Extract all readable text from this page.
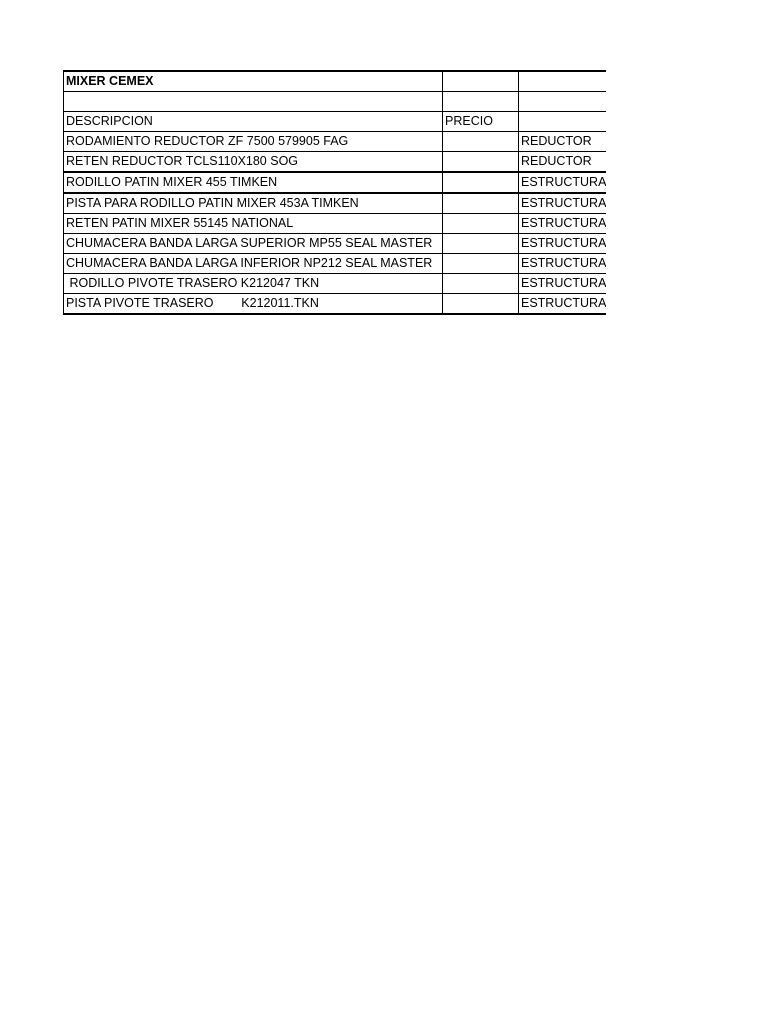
MIXER CEMEX		

DESCRIPCION	PRECIO	
RODAMIENTO REDUCTOR ZF 7500 579905 FAG		REDUCTOR
RETEN REDUCTOR TCLS110X180 SOG		REDUCTOR
RODILLO PATIN MIXER 455 TIMKEN		ESTRUCTURA
PISTA PARA RODILLO PATIN MIXER 453A TIMKEN		ESTRUCTURA
RETEN PATIN MIXER 55145 NATIONAL		ESTRUCTURA
CHUMACERA BANDA LARGA SUPERIOR MP55 SEAL MASTER		ESTRUCTURA
CHUMACERA BANDA LARGA INFERIOR NP212 SEAL MASTER		ESTRUCTURA
RODILLO PIVOTE TRASERO K212047 TKN		ESTRUCTURA
PISTA PIVOTE TRASERO        K212011.TKN		ESTRUCTURA
